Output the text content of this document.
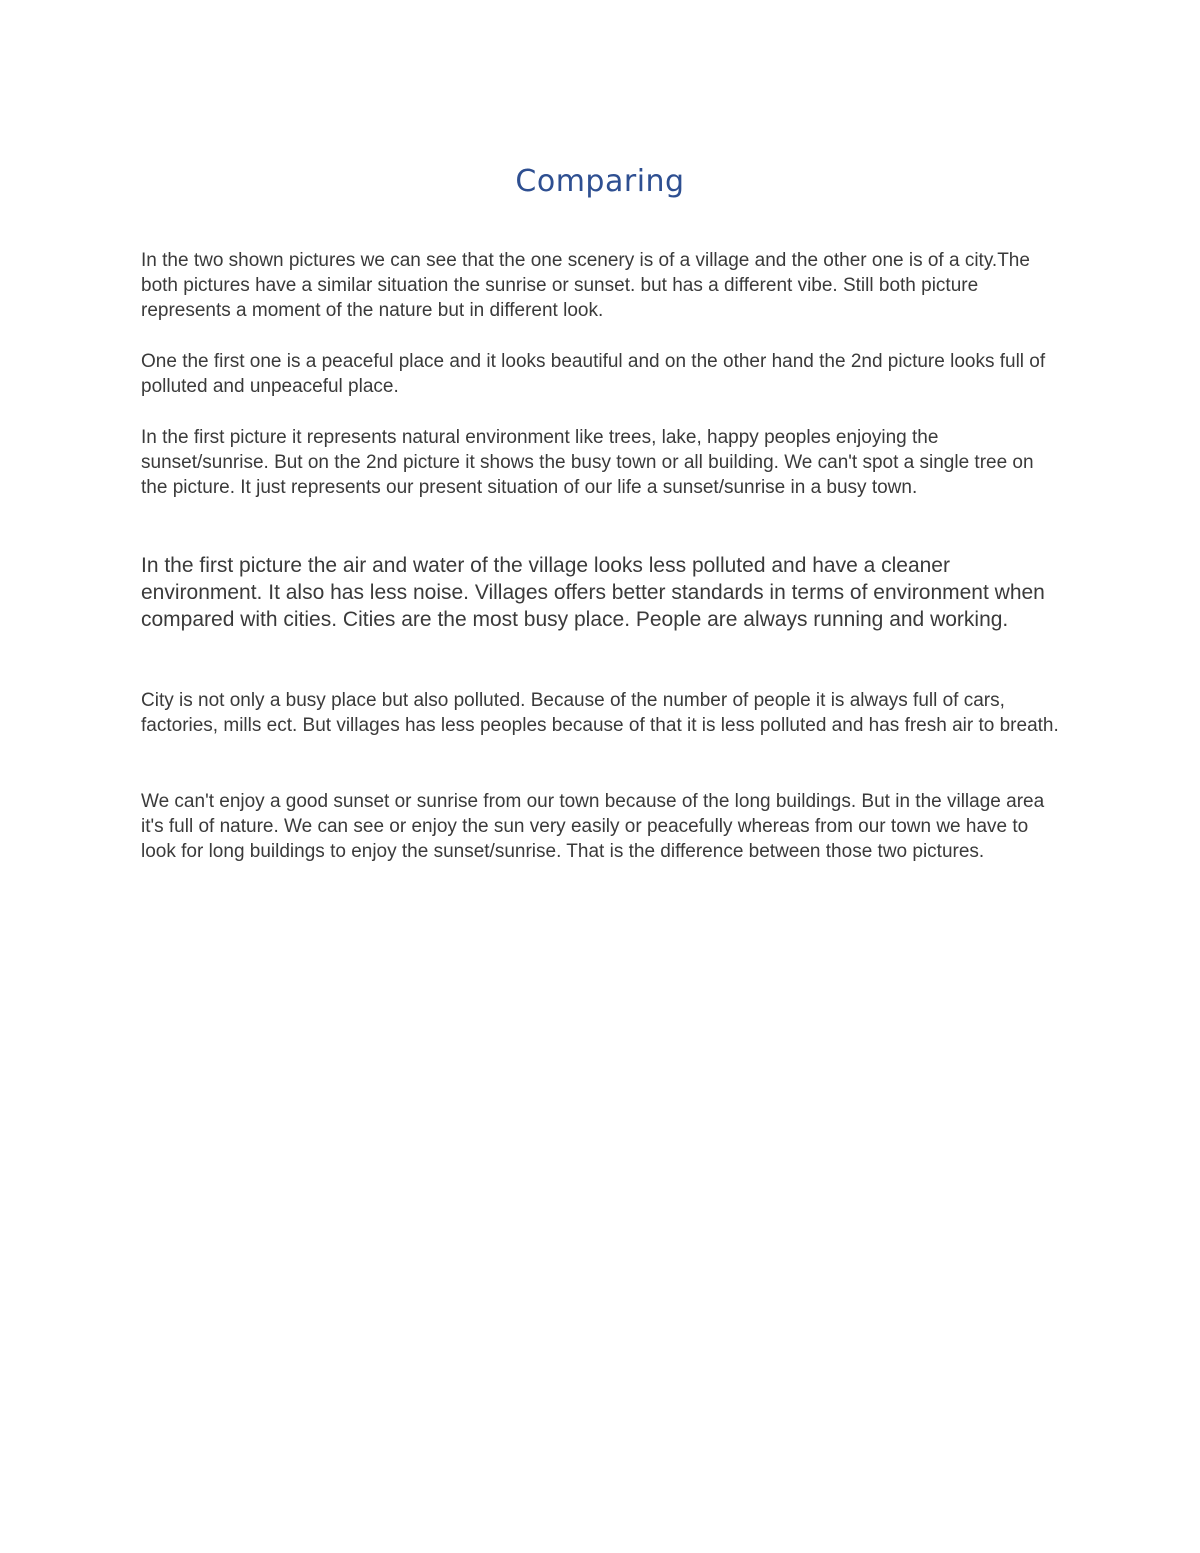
Comparing

In the two shown pictures we can see that the one scenery is of a village and the other one is of a city.The both pictures have a similar situation the sunrise or sunset. but has a different vibe. Still both picture represents a moment of the nature but in different look.

One the first one is a peaceful place and it looks beautiful and on the other hand the 2nd picture looks full of polluted and unpeaceful place.

In the first picture it represents natural environment like trees, lake, happy peoples enjoying the sunset/sunrise. But on the 2nd picture it shows the busy town or all building. We can't spot a single tree on the picture. It just represents our present situation of our life a sunset/sunrise in a busy town.

In the first picture the air and water of the village looks less polluted and have a cleaner environment. It also has less noise. Villages offers better standards in terms of environment when compared with cities. Cities are the most busy place. People are always running and working.

City is not only a busy place but also polluted. Because of the number of people it is always full of cars, factories, mills ect. But villages has less peoples because of that it is less polluted and has fresh air to breath.

We can't enjoy a good sunset or sunrise from our town because of the long buildings. But in the village area it's full of nature. We can see or enjoy the sun very easily or peacefully whereas from our town we have to look for long buildings to enjoy the sunset/sunrise. That is the difference between those two pictures.
